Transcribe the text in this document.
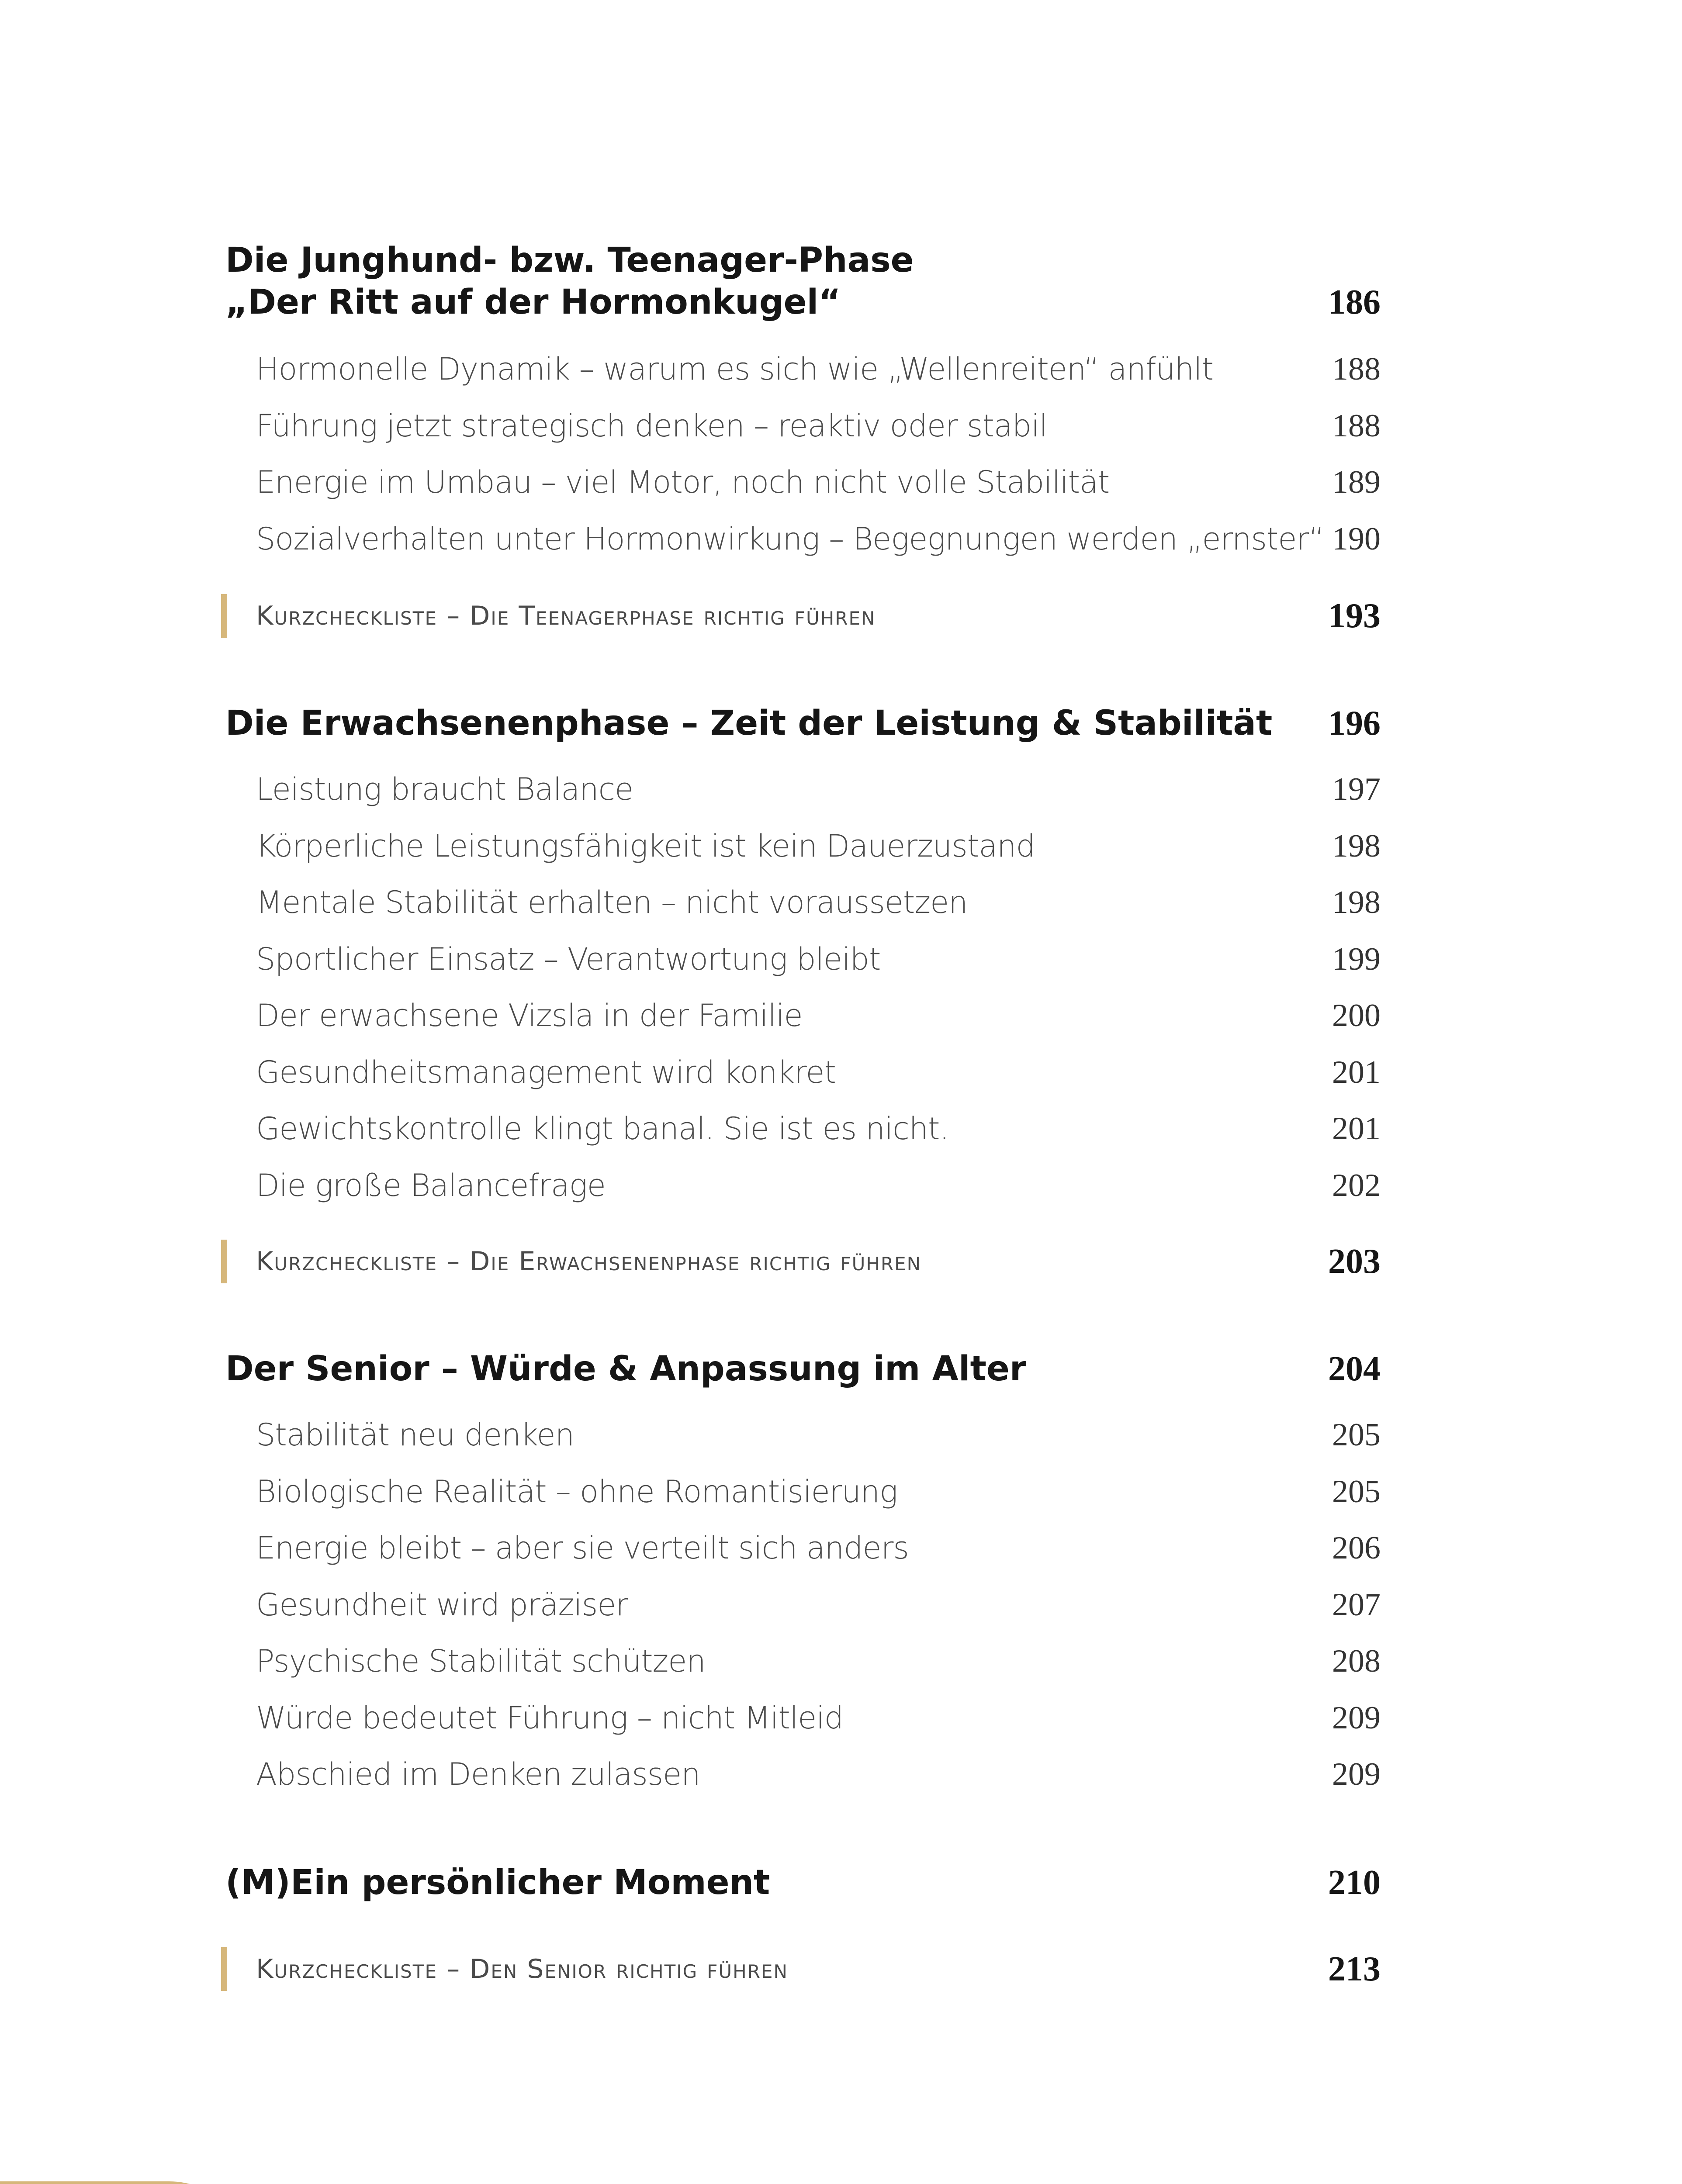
Die Junghund- bzw. Teenager-Phase
„Der Ritt auf der Hormonkugel“	186
Hormonelle Dynamik – warum es sich wie „Wellenreiten“ anfühlt	188
Führung jetzt strategisch denken – reaktiv oder stabil	188
Energie im Umbau – viel Motor, noch nicht volle Stabilität	189
Sozialverhalten unter Hormonwirkung – Begegnungen werden „ernster“ 190
Kurzcheckliste – Die Teenagerphase richtig führen	193
Die Erwachsenenphase – Zeit der Leistung & Stabilität 196
Leistung braucht Balance	197
Körperliche Leistungsfähigkeit ist kein Dauerzustand	198
Mentale Stabilität erhalten – nicht voraussetzen	198
Sportlicher Einsatz – Verantwortung bleibt	199
Der erwachsene Vizsla in der Familie	200
Gesundheitsmanagement wird konkret	201
Gewichtskontrolle klingt banal. Sie ist es nicht.	201
Die große Balancefrage	202
Kurzcheckliste – Die Erwachsenenphase richtig führen	203
Der Senior – Würde & Anpassung im Alter	204
Stabilität neu denken	205
Biologische Realität – ohne Romantisierung	205
Energie bleibt – aber sie verteilt sich anders	206
Gesundheit wird präziser	207
Psychische Stabilität schützen	208
Würde bedeutet Führung – nicht Mitleid	209
Abschied im Denken zulassen	209
(M)Ein persönlicher Moment	210
Kurzcheckliste – Den Senior richtig führen	213
